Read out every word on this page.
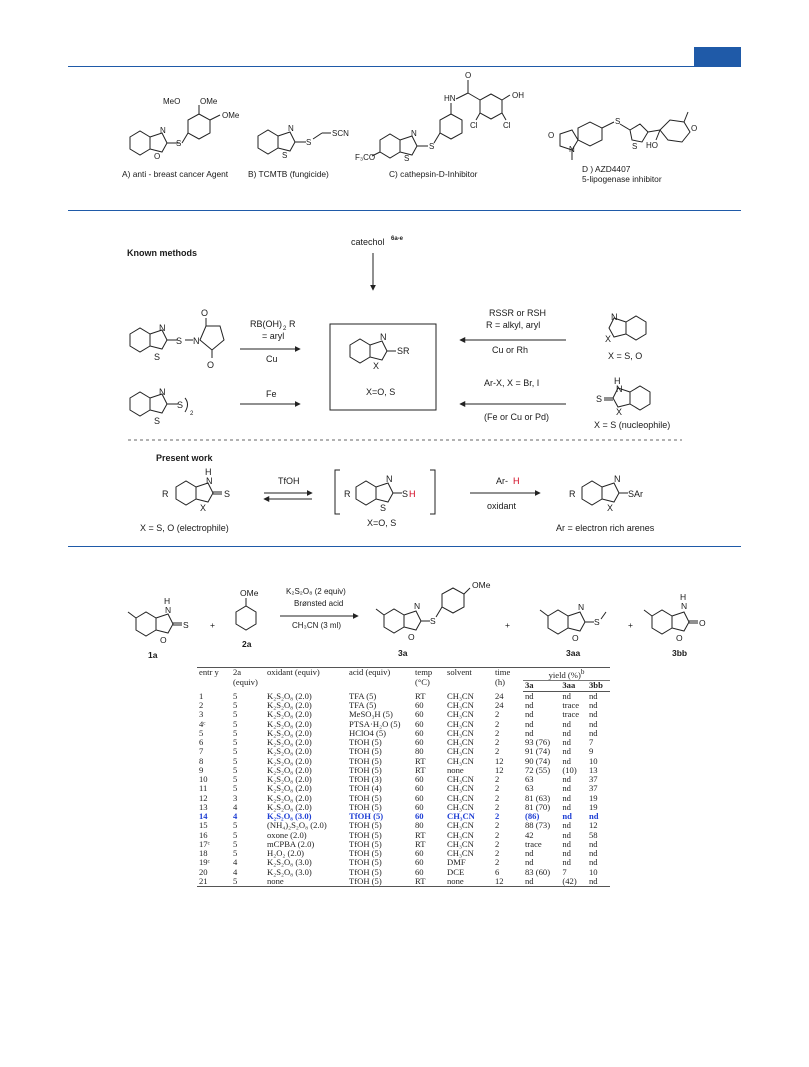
N
O
S
MeO OMe
OMe
N
S
S
SCN	N
S
S
HN
O
OH
Cl	Cl
F₃CO
O
N
S
S
O
HO
A) anti - breast cancer Agent B) TCMTB (fungicide)	C) cathepsin-D-Inhibitor	D ) AZD4407
5-lipogenase inhibitor
Known methods
catechol 6a-e
N
X
SR
X=O, S
N
S
S N
O
O
RB(OH) 2 R
= aryl
Cu
N
S
S
2
Fe
RSSR or RSH
R = alkyl, aryl
Cu or Rh
N
X
X = S, O
Ar-X, X = Br, I
(Fe or Cu or Pd)
H
N
S
X
X = S (nucleophile)
Present work
R
H
N
S
X
X = S, O (electrophile)
TfOH
R
N
S
S H
X=O, S
Ar- H
oxidant
R
N
X
SAr
Ar = electron rich arenes
H
N
S
O
1a
+
OMe
2a
K₂S₂O₈ (2 equiv)
Brønsted acid
CH₃CN (3 ml)
N
O
S
OMe
3a
+
N
O
S
3aa
+
H
N
O
O
3bb
entr y	2a (equiv)	oxidant (equiv)	acid (equiv)	temp (°C)	solvent	time (h)	yield (%)$^b$
							3a	3aa	3bb
1	5	K₂S₂O₈ (2.0)	TFA (5)	RT	CH₃CN	24	nd	nd	nd
2	5	K₂S₂O₈ (2.0)	TFA (5)	60	CH₃CN	24	nd	trace	nd
3	5	K₂S₂O₈ (2.0)	MeSO₃H (5)	60	CH₃CN	2	nd	trace	nd
4ᶜ	5	K₂S₂O₈ (2.0)	PTSA·H₂O (5)	60	CH₃CN	2	nd	nd	nd
5	5	K₂S₂O₈ (2.0)	HClO4 (5)	60	CH₃CN	2	nd	nd	nd
6	5	K₂S₂O₈ (2.0)	TfOH (5)	60	CH₃CN	2	93 (76)	nd	7
7	5	K₂S₂O₈ (2.0)	TfOH (5)	80	CH₃CN	2	91 (74)	nd	9
8	5	K₂S₂O₈ (2.0)	TfOH (5)	RT	CH₃CN	12	90 (74)	nd	10
9	5	K₂S₂O₈ (2.0)	TfOH (5)	RT	none	12	72 (55)	(10)	13
10	5	K₂S₂O₈ (2.0)	TfOH (3)	60	CH₃CN	2	63	nd	37
11	5	K₂S₂O₈ (2.0)	TfOH (4)	60	CH₃CN	2	63	nd	37
12	3	K₂S₂O₈ (2.0)	TfOH (5)	60	CH₃CN	2	81 (63)	nd	19
13	4	K₂S₂O₈ (2.0)	TfOH (5)	60	CH₃CN	2	81 (70)	nd	19
14	4	K₂S₂O₈ (3.0)	TfOH (5)	60	CH₃CN	2	(86)	nd	nd
15	5	(NH₄)₂S₂O₈ (2.0)	TfOH (5)	80	CH₃CN	2	88 (73)	nd	12
16	5	oxone (2.0)	TfOH (5)	RT	CH₃CN	2	42	nd	58
17ᶜ	5	mCPBA (2.0)	TfOH (5)	RT	CH₃CN	2	trace	nd	nd
18	5	H₂O₂ (2.0)	TfOH (5)	60	CH₃CN	2	nd	nd	nd
19ᶜ	4	K₂S₂O₈ (3.0)	TfOH (5)	60	DMF	2	nd	nd	nd
20	4	K₂S₂O₈ (3.0)	TfOH (5)	60	DCE	6	83 (60)	7	10
21	5	none	TfOH (5)	RT	none	12	nd	(42)	nd
